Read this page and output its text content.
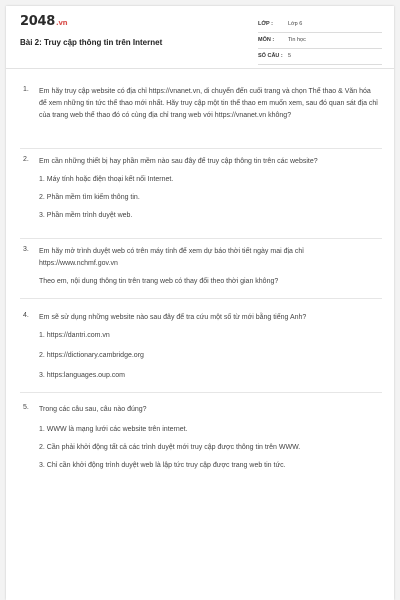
2048.vn
Bài 2: Truy cập thông tin trên Internet
LỚP :	Lớp 6
MÔN :	Tin học
SỐ CÂU : 5
1. Em hãy truy cập website có địa chỉ https://vnanet.vn, di chuyển đến cuối trang và chọn Thể thao & Văn hóa để xem những tin tức thể thao mới nhất. Hãy truy cập một tin thể thao em muốn xem, sau đó quan sát địa chỉ của trang web thể thao đó có cùng địa chỉ trang web với https://vnanet.vn không?
2. Em cần những thiết bị hay phần mềm nào sau đây để truy cập thông tin trên các website?
1. Máy tính hoặc điện thoại kết nối Internet.
2. Phần mềm tìm kiếm thông tin.
3. Phần mềm trình duyệt web.
3. Em hãy mở trình duyệt web có trên máy tính để xem dự báo thời tiết ngày mai địa chỉ https://www.nchmf.gov.vn
Theo em, nội dung thông tin trên trang web có thay đổi theo thời gian không?
4. Em sẽ sử dụng những website nào sau đây để tra cứu một số từ mới bằng tiếng Anh?
1. https://dantri.com.vn
2. https://dictionary.cambridge.org
3. https:languages.oup.com
5. Trong các câu sau, câu nào đúng?
1. WWW là mạng lưới các website trên internet.
2. Cần phải khởi động tất cả các trình duyệt mới truy cập được thông tin trên WWW.
3. Chỉ cần khởi động trình duyệt web là lập tức truy cập được trang web tin tức.
